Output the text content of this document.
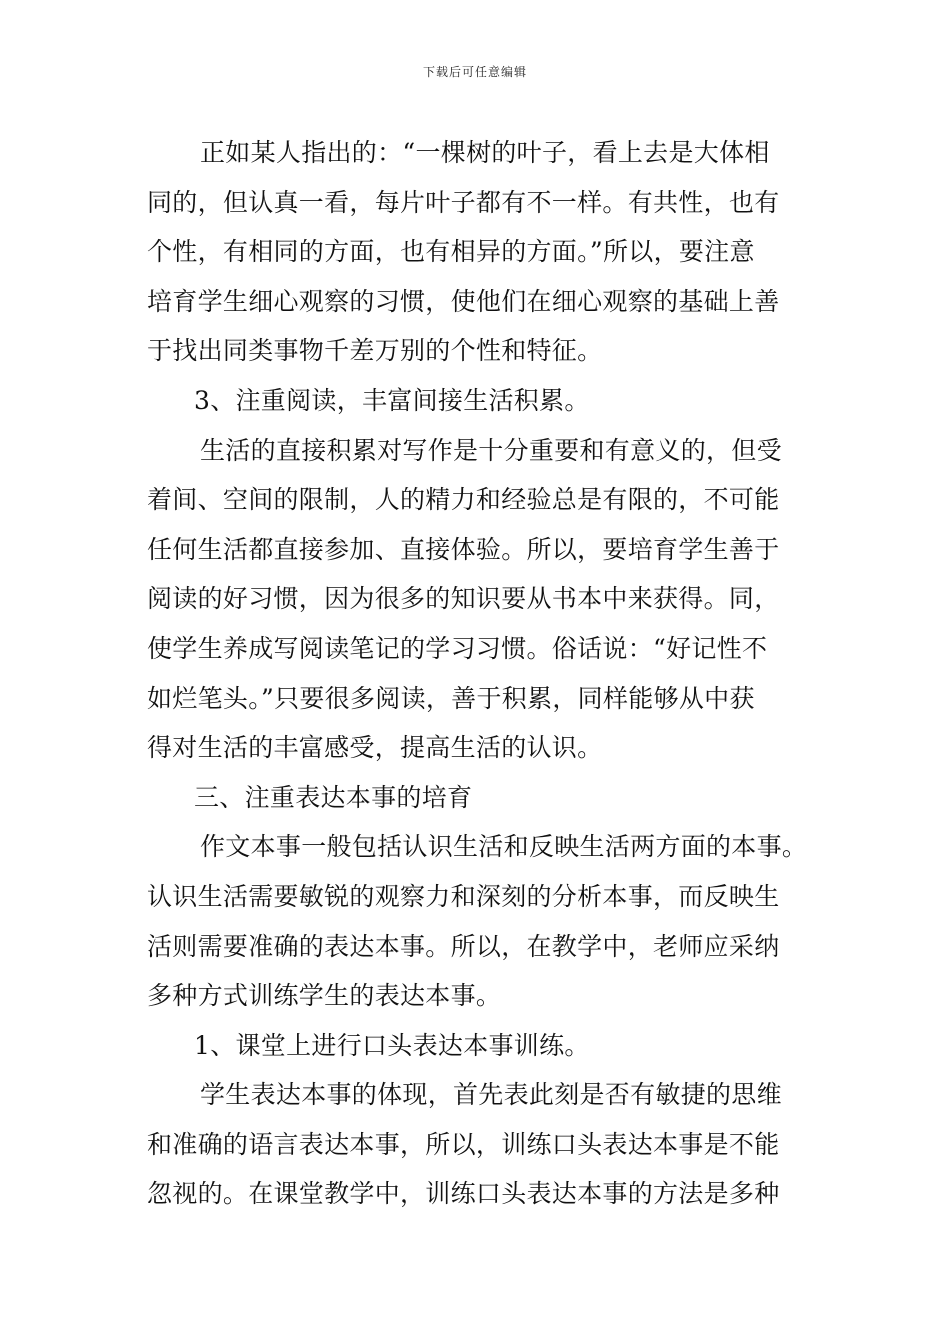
下载后可任意编辑
正如某人指出的：“一棵树的叶子，看上去是大体相
同的，但认真一看，每片叶子都有不一样。有共性，也有
个性，有相同的方面，也有相异的方面。”所以，要注意
培育学生细心观察的习惯，使他们在细心观察的基础上善
于找出同类事物千差万别的个性和特征。
3、注重阅读，丰富间接生活积累。
生活的直接积累对写作是十分重要和有意义的，但受
着间、空间的限制，人的精力和经验总是有限的，不可能
任何生活都直接参加、直接体验。所以，要培育学生善于
阅读的好习惯，因为很多的知识要从书本中来获得。同，
使学生养成写阅读笔记的学习习惯。俗话说：“好记性不
如烂笔头。”只要很多阅读，善于积累，同样能够从中获
得对生活的丰富感受，提高生活的认识。
三、注重表达本事的培育
作文本事一般包括认识生活和反映生活两方面的本事。
认识生活需要敏锐的观察力和深刻的分析本事，而反映生
活则需要准确的表达本事。所以，在教学中，老师应采纳
多种方式训练学生的表达本事。
1、课堂上进行口头表达本事训练。
学生表达本事的体现，首先表此刻是否有敏捷的思维
和准确的语言表达本事，所以，训练口头表达本事是不能
忽视的。在课堂教学中，训练口头表达本事的方法是多种
